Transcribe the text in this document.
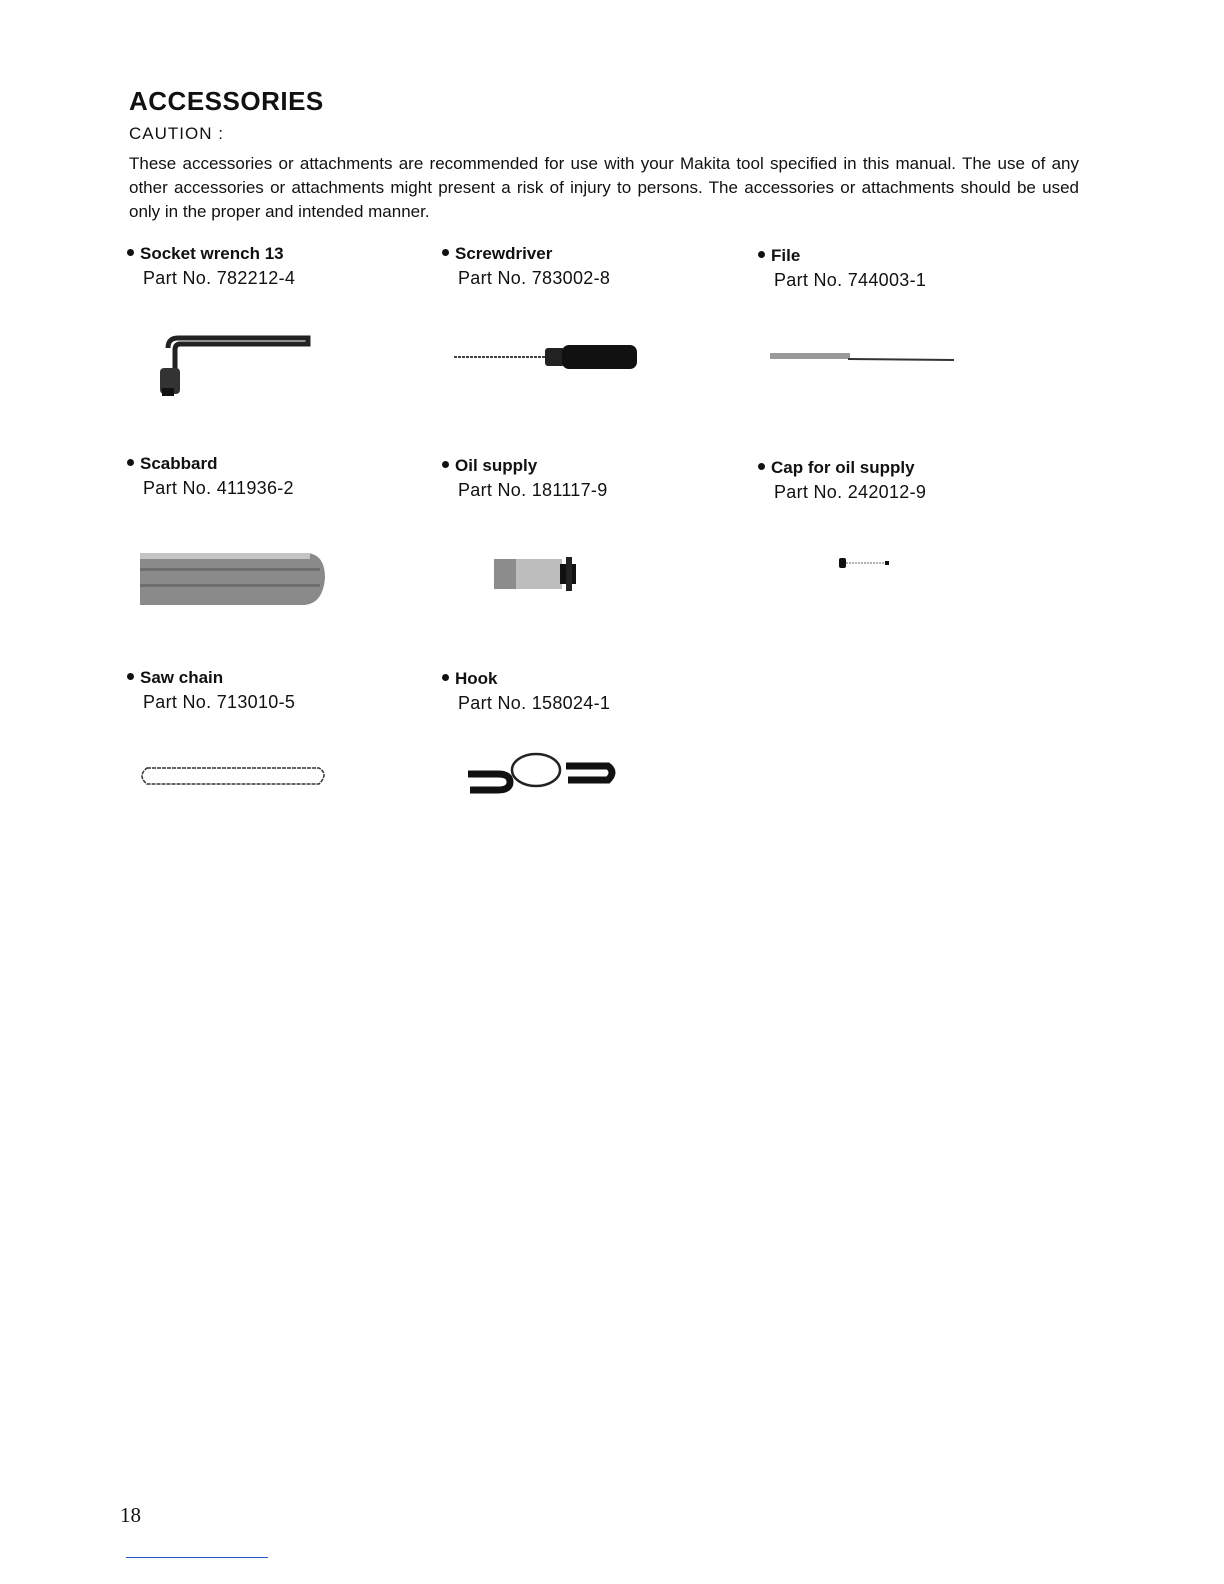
ACCESSORIES
CAUTION :

These accessories or attachments are recommended for use with your Makita tool specified in this manual. The use of any other accessories or attachments might present a risk of injury to persons. The accessories or attachments should be used only in the proper and intended manner.

Socket wrench 13
Part No. 782212-4
Screwdriver
Part No. 783002-8
File
Part No. 744003-1
Scabbard
Part No. 411936-2
Oil supply
Part No. 181117-9
Cap for oil supply
Part No. 242012-9
Saw chain
Part No. 713010-5
Hook
Part No. 158024-1
18
